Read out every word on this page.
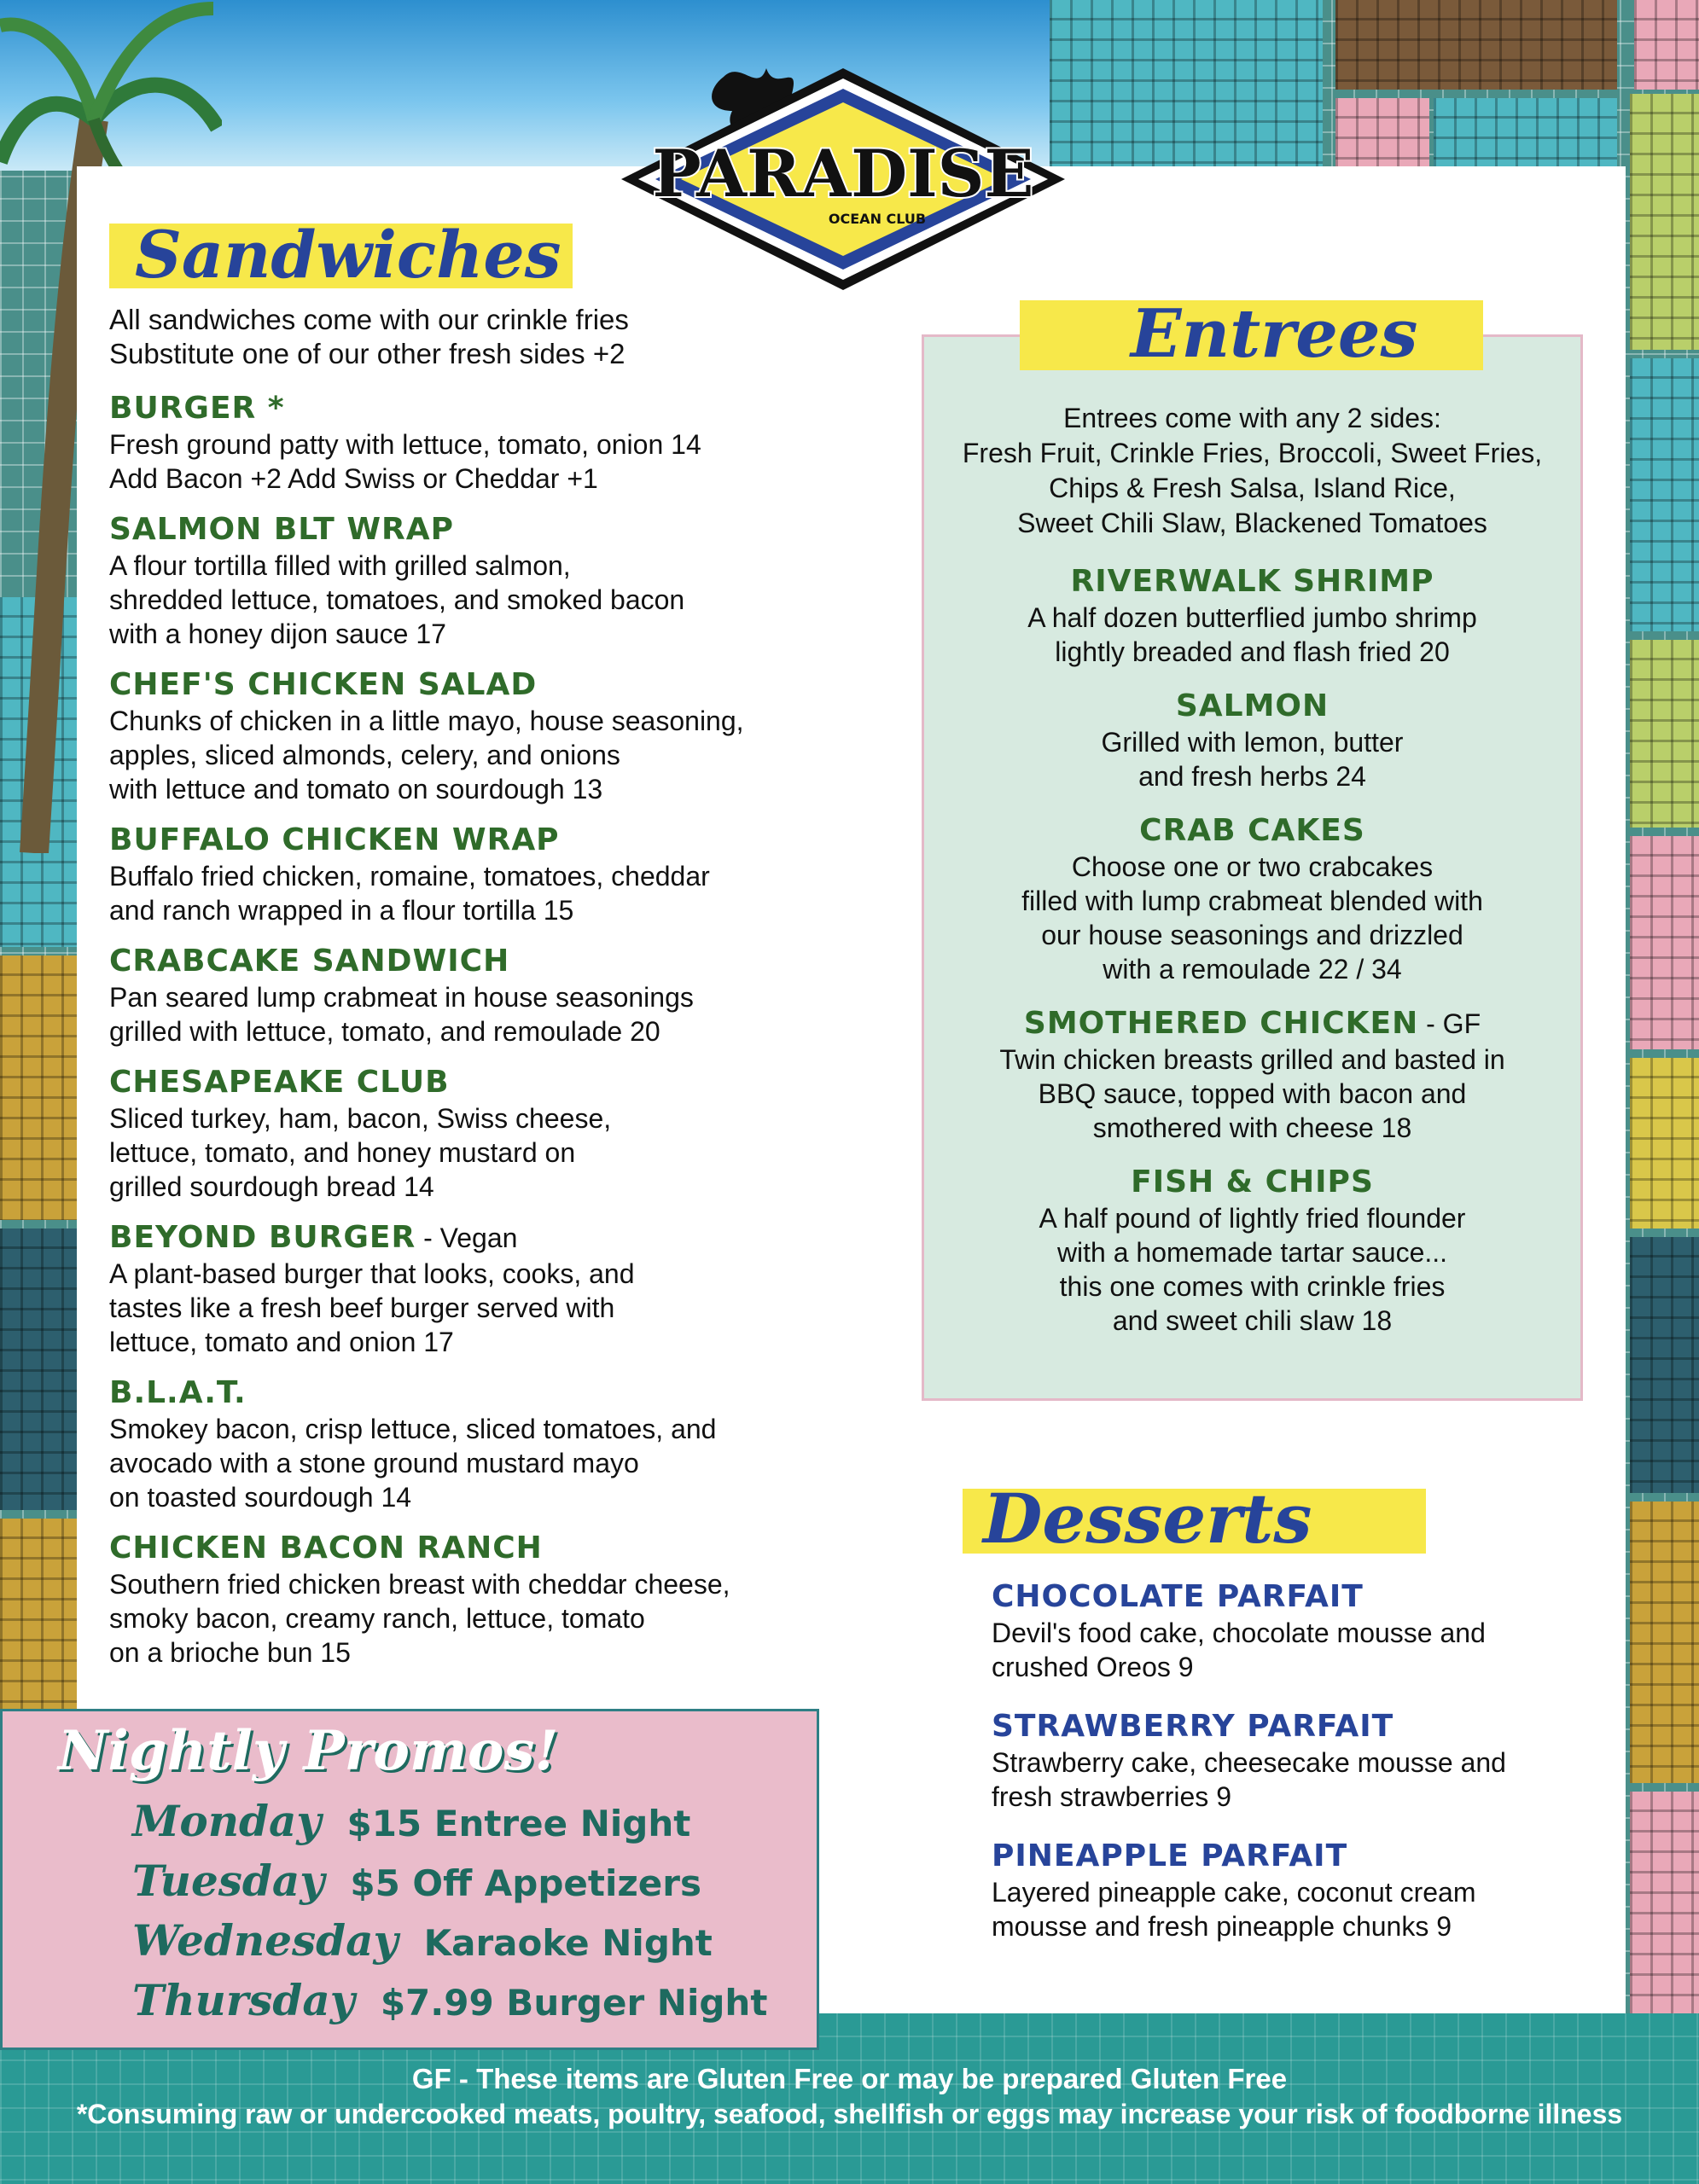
PARADISE
OCEAN CLUB
Sandwiches
All sandwiches come with our crinkle fries
Substitute one of our other fresh sides +2
BURGER *
Fresh ground patty with lettuce, tomato, onion 14
Add Bacon +2 Add Swiss or Cheddar +1
SALMON BLT WRAP
A flour tortilla filled with grilled salmon,
shredded lettuce, tomatoes, and smoked bacon
with a honey dijon sauce 17
CHEF'S CHICKEN SALAD
Chunks of chicken in a little mayo, house seasoning,
apples, sliced almonds, celery, and onions
with lettuce and tomato on sourdough 13
BUFFALO CHICKEN WRAP
Buffalo fried chicken, romaine, tomatoes, cheddar
and ranch wrapped in a flour tortilla 15
CRABCAKE SANDWICH
Pan seared lump crabmeat in house seasonings
grilled with lettuce, tomato, and remoulade 20
CHESAPEAKE CLUB
Sliced turkey, ham, bacon, Swiss cheese,
lettuce, tomato, and honey mustard on
grilled sourdough bread 14
BEYOND BURGER - Vegan
A plant-based burger that looks, cooks, and
tastes like a fresh beef burger served with
lettuce, tomato and onion 17
B.L.A.T.
Smokey bacon, crisp lettuce, sliced tomatoes, and
avocado with a stone ground mustard mayo
on toasted sourdough 14
CHICKEN BACON RANCH
Southern fried chicken breast with cheddar cheese,
smoky bacon, creamy ranch, lettuce, tomato
on a brioche bun 15
Entrees
Entrees come with any 2 sides:
Fresh Fruit, Crinkle Fries, Broccoli, Sweet Fries,
Chips & Fresh Salsa, Island Rice,
Sweet Chili Slaw, Blackened Tomatoes
RIVERWALK SHRIMP
A half dozen butterflied jumbo shrimp
lightly breaded and flash fried 20
SALMON
Grilled with lemon, butter
and fresh herbs 24
CRAB CAKES
Choose one or two crabcakes
filled with lump crabmeat blended with
our house seasonings and drizzled
with a remoulade 22 / 34
SMOTHERED CHICKEN - GF
Twin chicken breasts grilled and basted in
BBQ sauce, topped with bacon and
smothered with cheese 18
FISH & CHIPS
A half pound of lightly fried flounder
with a homemade tartar sauce...
this one comes with crinkle fries
and sweet chili slaw 18
Desserts
CHOCOLATE PARFAIT
Devil's food cake, chocolate mousse and
crushed Oreos 9
STRAWBERRY PARFAIT
Strawberry cake, cheesecake mousse and
fresh strawberries 9
PINEAPPLE PARFAIT
Layered pineapple cake, coconut cream
mousse and fresh pineapple chunks 9
GF - These items are Gluten Free or may be prepared Gluten Free
*Consuming raw or undercooked meats, poultry, seafood, shellfish or eggs may increase your risk of foodborne illness
Nightly Promos!
Monday $15 Entree Night
Tuesday $5 Off Appetizers
Wednesday Karaoke Night
Thursday $7.99 Burger Night
